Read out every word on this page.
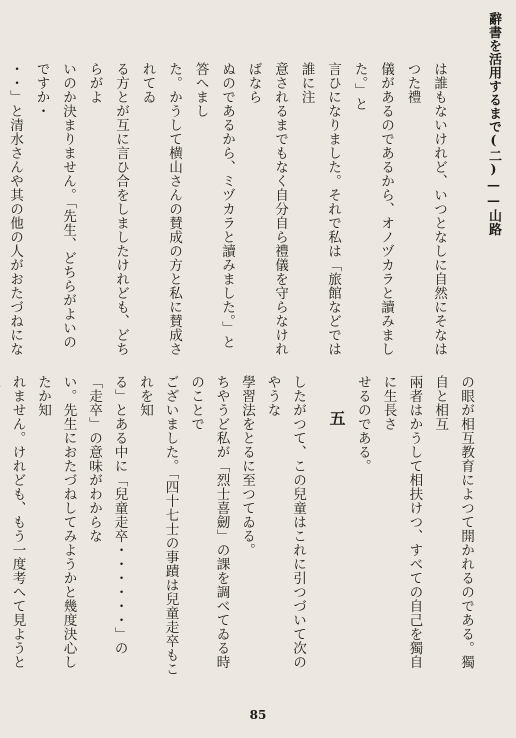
辭書を活用するまで(二)——山路
は誰もないけれど、いつとなしに自然にそなはつた禮
儀があるのであるから、オノヅカラと讀みました。」と
言ひになりました。それで私は「旅館などでは誰に注
意されるまでもなく自分自ら禮儀を守らなければなら
ぬのであるから、ミヅカラと讀みました。」と答へまし
た。かうして横山さんの賛成の方と私に賛成されてゐ
る方とが互に言ひ合をしましたけれども、どちらがよ
いのか決まりません。「先生、どちらがよいのですか・
・・」と清水さんや其の他の人がおたづねにな

五	の眼が相互教育によつて開かれるのである。獨自と相互
兩者はかうして相扶けつ、すべての自己を獨自に生長さ
せるのである。
したがつて、この兒童はこれに引つづいて次のやうな
學習法をとるに至つてゐる。
ちやうど私が「烈士喜劒」の課を調べてゐる時のことで
ございました。「四十七士の事蹟は兒童走卒もこれを知
る」とある中に「兒童走卒・・・・・・」の「走卒」の意味がわからな
い。先生におたづねしてみようかと幾度決心したか知
れません。けれども、もう一度考へて見ようと
85
